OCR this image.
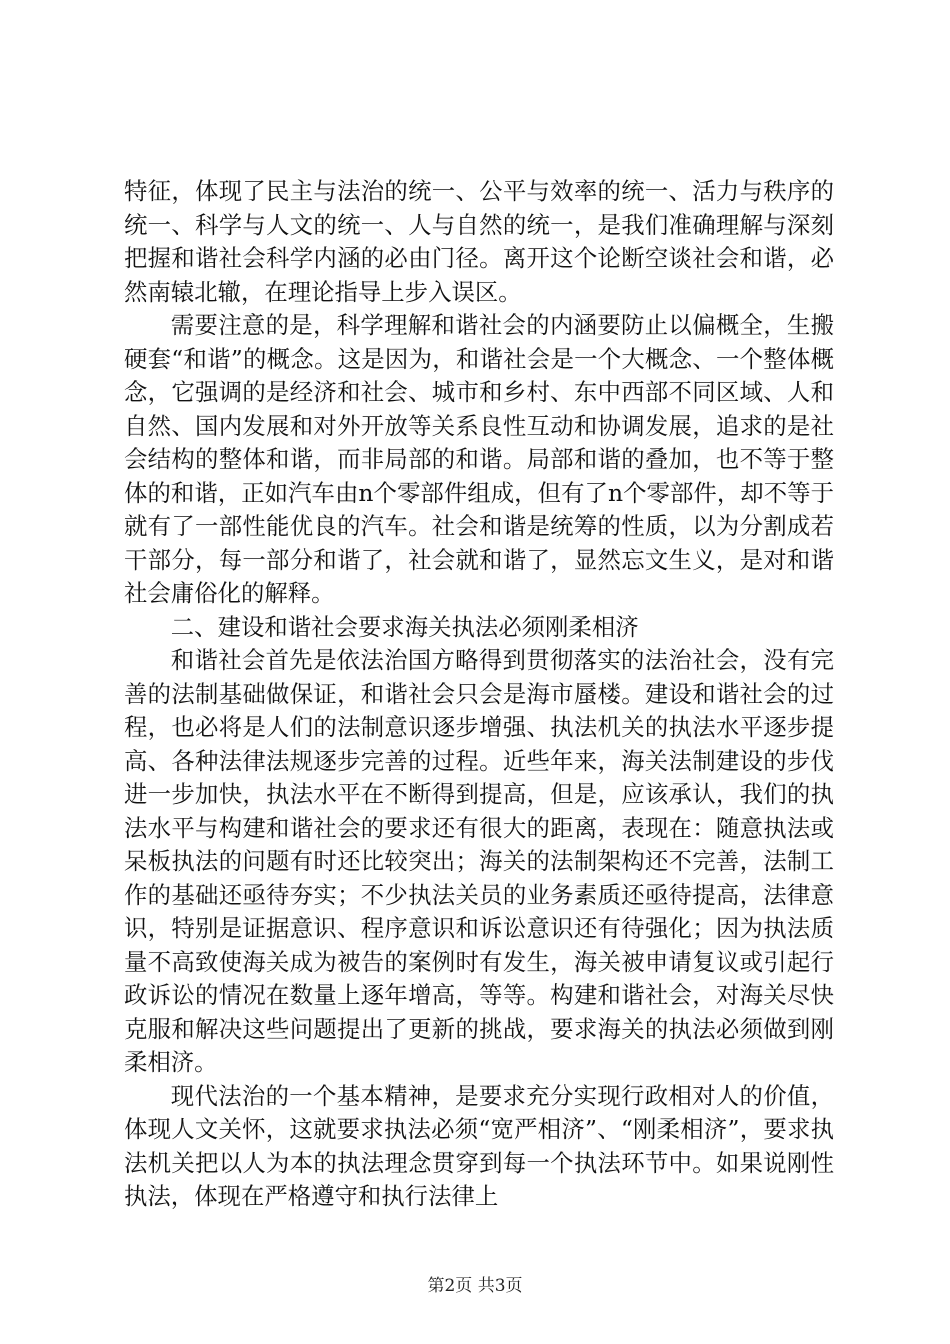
特征，体现了民主与法治的统一、公平与效率的统一、活力与秩序的统一、科学与人文的统一、人与自然的统一，是我们准确理解与深刻把握和谐社会科学内涵的必由门径。离开这个论断空谈社会和谐，必然南辕北辙，在理论指导上步入误区。

需要注意的是，科学理解和谐社会的内涵要防止以偏概全，生搬硬套“和谐”的概念。这是因为，和谐社会是一个大概念、一个整体概念，它强调的是经济和社会、城市和乡村、东中西部不同区域、人和自然、国内发展和对外开放等关系良性互动和协调发展，追求的是社会结构的整体和谐，而非局部的和谐。局部和谐的叠加，也不等于整体的和谐，正如汽车由n个零部件组成，但有了n个零部件，却不等于就有了一部性能优良的汽车。社会和谐是统筹的性质，以为分割成若干部分，每一部分和谐了，社会就和谐了，显然忘文生义，是对和谐社会庸俗化的解释。

二、建设和谐社会要求海关执法必须刚柔相济

和谐社会首先是依法治国方略得到贯彻落实的法治社会，没有完善的法制基础做保证，和谐社会只会是海市蜃楼。建设和谐社会的过程，也必将是人们的法制意识逐步增强、执法机关的执法水平逐步提高、各种法律法规逐步完善的过程。近些年来，海关法制建设的步伐进一步加快，执法水平在不断得到提高，但是，应该承认，我们的执法水平与构建和谐社会的要求还有很大的距离，表现在：随意执法或呆板执法的问题有时还比较突出；海关的法制架构还不完善，法制工作的基础还亟待夯实；不少执法关员的业务素质还亟待提高，法律意识，特别是证据意识、程序意识和诉讼意识还有待强化；因为执法质量不高致使海关成为被告的案例时有发生，海关被申请复议或引起行政诉讼的情况在数量上逐年增高，等等。构建和谐社会，对海关尽快克服和解决这些问题提出了更新的挑战，要求海关的执法必须做到刚柔相济。

现代法治的一个基本精神，是要求充分实现行政相对人的价值，体现人文关怀，这就要求执法必须“宽严相济”、“刚柔相济”，要求执法机关把以人为本的执法理念贯穿到每一个执法环节中。如果说刚性执法，体现在严格遵守和执行法律上

第2页 共3页
